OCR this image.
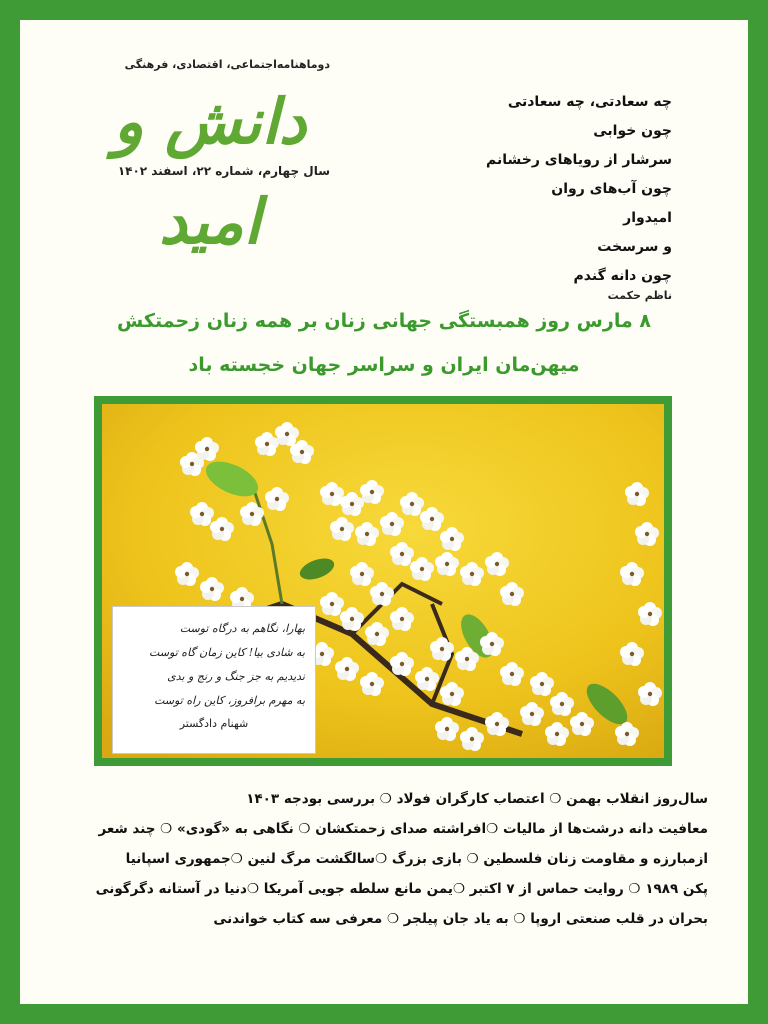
دوماهنامه‌اجتماعی، اقتصادی، فرهنگی
دانش و امید
سال چهارم، شماره ۲۲، اسفند ۱۴۰۲
چه سعادتی، چه سعادتی
چون خوابی
سرشار از رویاهای رخشانم
چون آب‌های روان
امیدوار
و سرسخت
چون دانه گندم
ناظم حکمت
۸ مارس روز همبستگی جهانی زنان بر همه زنان زحمتکش
میهن‌مان ایران و سراسر جهان خجسته باد
بهارا، نگاهم به درگاه توست
به شادی بیا! کاین زمان گاه توست
ندیدیم به جز جنگ و رنج و بدی
به مهرم برافروز، کاین راه توست
شهنام دادگستر
سال‌روز انقلاب بهمن ❍ اعتصاب کارگران فولاد ❍ بررسی بودجه ۱۴۰۳
معافیت دانه درشت‌ها از مالیات ❍افراشته صدای زحمتکشان ❍ نگاهی به «گودی» ❍ چند شعر
ازمبارزه و مقاومت زنان فلسطین ❍ بازی بزرگ ❍سالگشت مرگ لنین ❍جمهوری اسپانیا
پکن ۱۹۸۹ ❍ روایت حماس از ۷ اکتبر ❍یمن مانع سلطه جویی آمریکا ❍دنیا در آستانه دگرگونی
بحران در قلب صنعتی اروپا ❍ به یاد جان پیلجر ❍ معرفی سه کتاب خواندنی
